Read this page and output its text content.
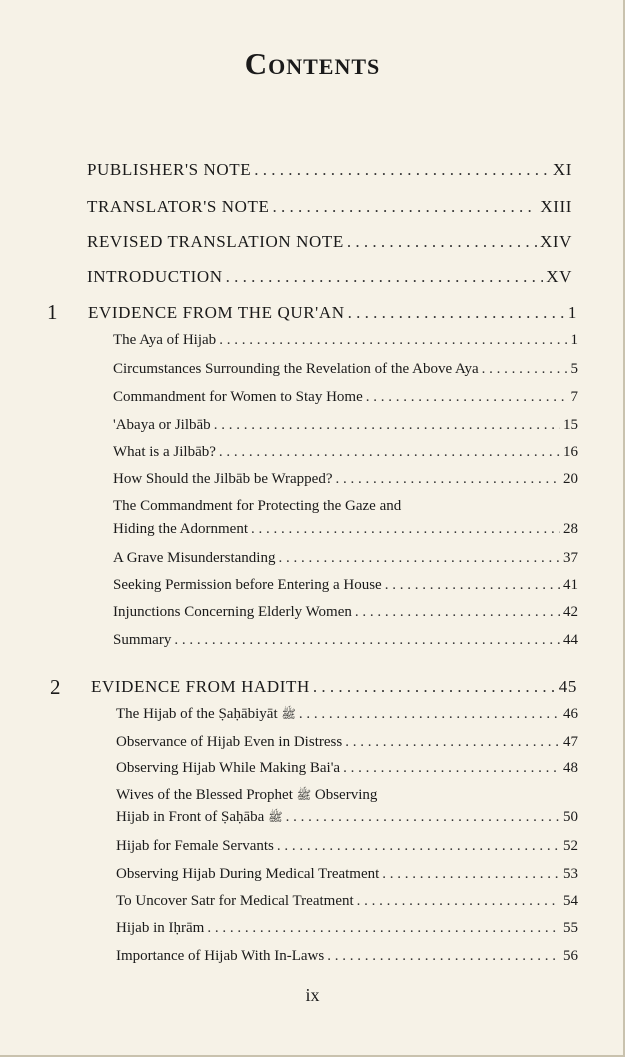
Contents
PUBLISHER'S NOTE . . .	XI
TRANSLATOR'S NOTE . . .	XIII
REVISED TRANSLATION NOTE . . .	XIV
INTRODUCTION . . .	XV
1 EVIDENCE FROM THE QUR'AN . . .	1
The Aya of Hijab . . .	1
Circumstances Surrounding the Revelation of the Above Aya . . .	5
Commandment for Women to Stay Home . . .	7
'Abaya or Jilbāb . . .	15
What is a Jilbāb? . . .	16
How Should the Jilbāb be Wrapped? . . .	20
The Commandment for Protecting the Gaze and
Hiding the Adornment . . .	28
A Grave Misunderstanding . . .	37
Seeking Permission before Entering a House . . .	41
Injunctions Concerning Elderly Women . . .	42
Summary . . .	44
2 EVIDENCE FROM HADITH . . .	45
The Hijab of the Ṣaḥābiyāt ﷺ . . .	46
Observance of Hijab Even in Distress . . .	47
Observing Hijab While Making Bai'a . . .	48
Wives of the Blessed Prophet ﷺ Observing
Hijab in Front of Ṣaḥāba ﷺ . . .	50
Hijab for Female Servants . . .	52
Observing Hijab During Medical Treatment . . .	53
To Uncover Satr for Medical Treatment . . .	54
Hijab in Iḥrām . . .	55
Importance of Hijab With In-Laws . . .	56
ix
